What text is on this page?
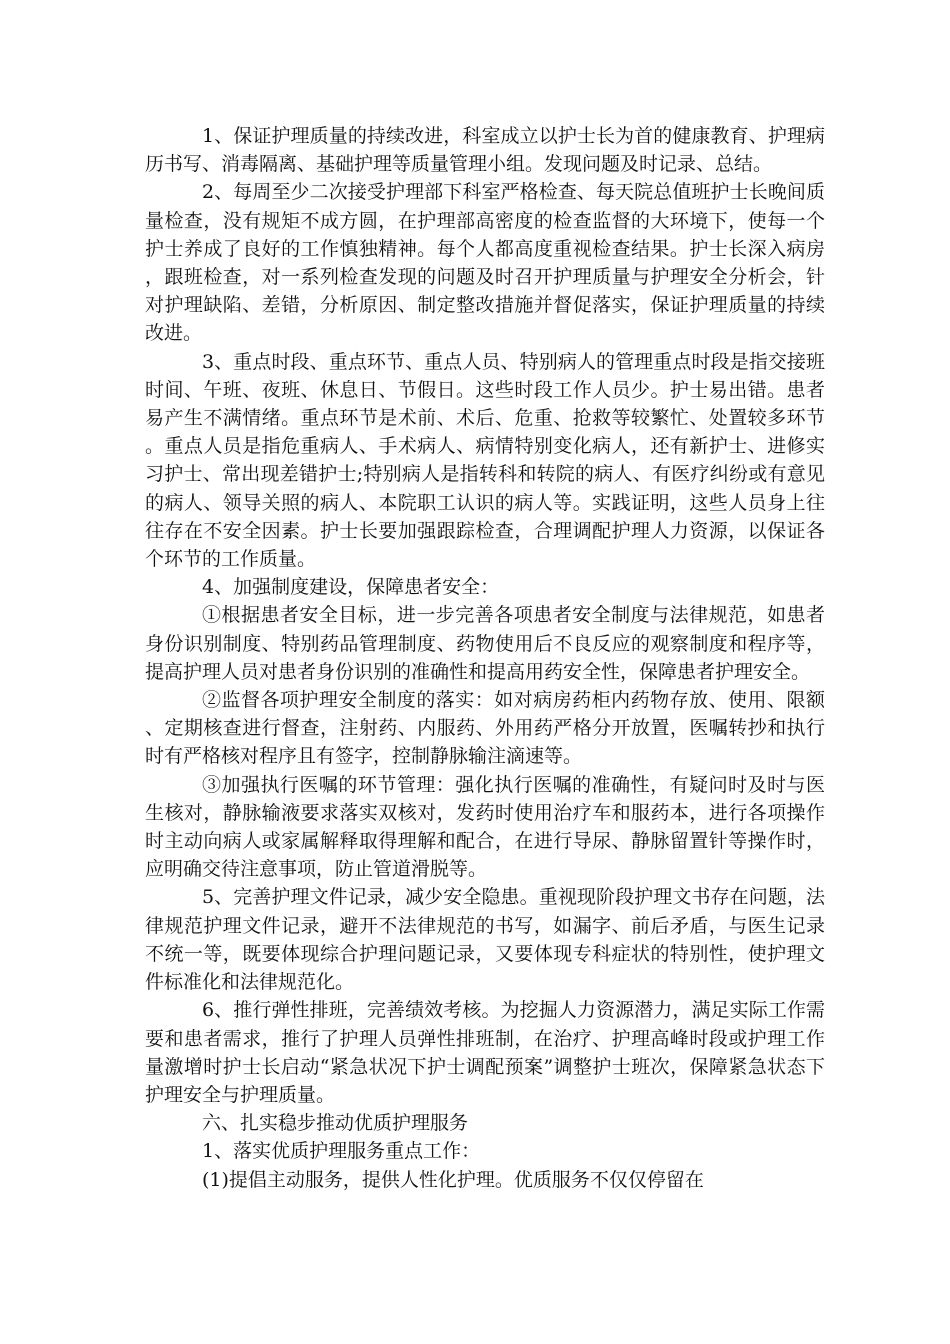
1、保证护理质量的持续改进，科室成立以护士长为首的健康教育、护理病历书写、消毒隔离、基础护理等质量管理小组。发现问题及时记录、总结。

2、每周至少二次接受护理部下科室严格检查、每天院总值班护士长晚间质量检查，没有规矩不成方圆，在护理部高密度的检查监督的大环境下，使每一个护士养成了良好的工作慎独精神。每个人都高度重视检查结果。护士长深入病房，跟班检查，对一系列检查发现的问题及时召开护理质量与护理安全分析会，针对护理缺陷、差错，分析原因、制定整改措施并督促落实，保证护理质量的持续改进。

3、重点时段、重点环节、重点人员、特别病人的管理重点时段是指交接班时间、午班、夜班、休息日、节假日。这些时段工作人员少。护士易出错。患者易产生不满情绪。重点环节是术前、术后、危重、抢救等较繁忙、处置较多环节。重点人员是指危重病人、手术病人、病情特别变化病人，还有新护士、进修实习护士、常出现差错护士;特别病人是指转科和转院的病人、有医疗纠纷或有意见的病人、领导关照的病人、本院职工认识的病人等。实践证明，这些人员身上往往存在不安全因素。护士长要加强跟踪检查，合理调配护理人力资源，以保证各个环节的工作质量。

4、加强制度建设，保障患者安全：

①根据患者安全目标，进一步完善各项患者安全制度与法律规范，如患者身份识别制度、特别药品管理制度、药物使用后不良反应的观察制度和程序等，提高护理人员对患者身份识别的准确性和提高用药安全性，保障患者护理安全。

②监督各项护理安全制度的落实：如对病房药柜内药物存放、使用、限额、定期核查进行督查，注射药、内服药、外用药严格分开放置，医嘱转抄和执行时有严格核对程序且有签字，控制静脉输注滴速等。

③加强执行医嘱的环节管理：强化执行医嘱的准确性，有疑问时及时与医生核对，静脉输液要求落实双核对，发药时使用治疗车和服药本，进行各项操作时主动向病人或家属解释取得理解和配合，在进行导尿、静脉留置针等操作时，应明确交待注意事项，防止管道滑脱等。

5、完善护理文件记录，减少安全隐患。重视现阶段护理文书存在问题，法律规范护理文件记录，避开不法律规范的书写，如漏字、前后矛盾，与医生记录不统一等，既要体现综合护理问题记录，又要体现专科症状的特别性，使护理文件标准化和法律规范化。

6、推行弹性排班，完善绩效考核。为挖掘人力资源潜力，满足实际工作需要和患者需求，推行了护理人员弹性排班制，在治疗、护理高峰时段或护理工作量激增时护士长启动“紧急状况下护士调配预案”调整护士班次，保障紧急状态下护理安全与护理质量。

六、扎实稳步推动优质护理服务

1、落实优质护理服务重点工作：

(1)提倡主动服务，提供人性化护理。优质服务不仅仅停留在
